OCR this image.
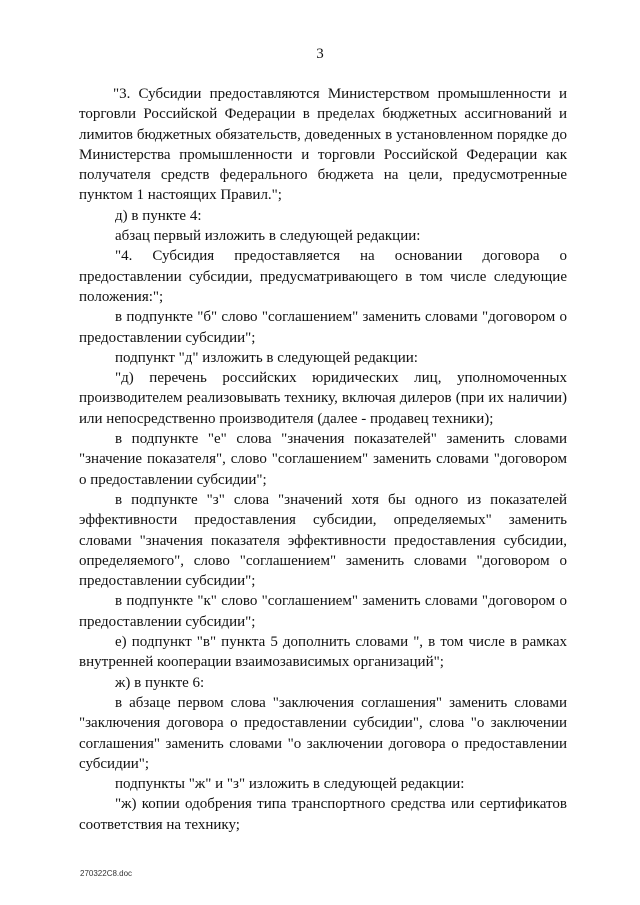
3

"3. Субсидии предоставляются Министерством промышленности и торговли Российской Федерации в пределах бюджетных ассигнований и лимитов бюджетных обязательств, доведенных в установленном порядке до Министерства промышленности и торговли Российской Федерации как получателя средств федерального бюджета на цели, предусмотренные пунктом 1 настоящих Правил.";

д) в пункте 4:

абзац первый изложить в следующей редакции:

"4. Субсидия предоставляется на основании договора о предоставлении субсидии, предусматривающего в том числе следующие положения:";

в подпункте "б" слово "соглашением" заменить словами "договором о предоставлении субсидии";

подпункт "д" изложить в следующей редакции:

"д) перечень российских юридических лиц, уполномоченных производителем реализовывать технику, включая дилеров (при их наличии) или непосредственно производителя (далее - продавец техники);

в подпункте "е" слова "значения показателей" заменить словами "значение показателя", слово "соглашением" заменить словами "договором о предоставлении субсидии";

в подпункте "з" слова "значений хотя бы одного из показателей эффективности предоставления субсидии, определяемых" заменить словами "значения показателя эффективности предоставления субсидии, определяемого", слово "соглашением" заменить словами "договором о предоставлении субсидии";

в подпункте "к" слово "соглашением" заменить словами "договором о предоставлении субсидии";

е) подпункт "в" пункта 5 дополнить словами ", в том числе в рамках внутренней кооперации взаимозависимых организаций";

ж) в пункте 6:

в абзаце первом слова "заключения соглашения" заменить словами "заключения договора о предоставлении субсидии", слова "о заключении соглашения" заменить словами "о заключении договора о предоставлении субсидии";

подпункты "ж" и "з" изложить в следующей редакции:

"ж) копии одобрения типа транспортного средства или сертификатов соответствия на технику;

270322C8.doc
